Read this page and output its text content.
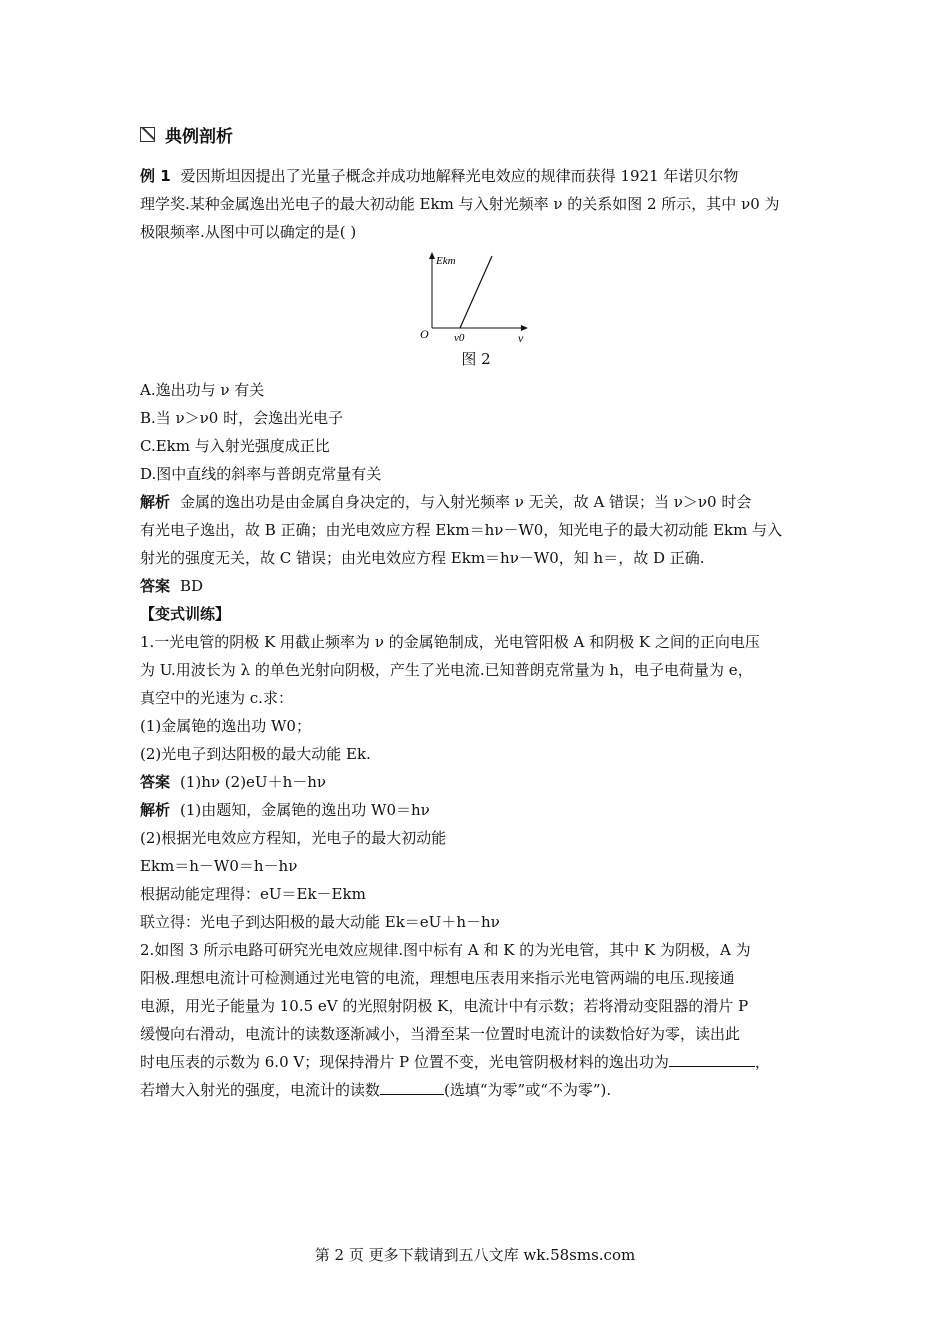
典例剖析

例 1 爱因斯坦因提出了光量子概念并成功地解释光电效应的规律而获得 1921 年诺贝尔物

理学奖.某种金属逸出光电子的最大初动能 Ekm 与入射光频率 ν 的关系如图 2 所示，其中 ν0 为

极限频率.从图中可以确定的是( )

Ekm
O ν0	ν
图 2

A.逸出功与 ν 有关

B.当 ν＞ν0 时，会逸出光电子

C.Ekm 与入射光强度成正比

D.图中直线的斜率与普朗克常量有关

解析 金属的逸出功是由金属自身决定的，与入射光频率 ν 无关，故 A 错误；当 ν＞ν0 时会

有光电子逸出，故 B 正确；由光电效应方程 Ekm＝hν－W0，知光电子的最大初动能 Ekm 与入

射光的强度无关，故 C 错误；由光电效应方程 Ekm＝hν－W0，知 h＝，故 D 正确.

答案 BD

【变式训练】

1.一光电管的阴极 K 用截止频率为 ν 的金属铯制成，光电管阳极 A 和阴极 K 之间的正向电压

为 U.用波长为 λ 的单色光射向阴极，产生了光电流.已知普朗克常量为 h，电子电荷量为 e，

真空中的光速为 c.求：

(1)金属铯的逸出功 W0；

(2)光电子到达阳极的最大动能 Ek.

答案 (1)hν (2)eU＋h－hν

解析 (1)由题知，金属铯的逸出功 W0＝hν

(2)根据光电效应方程知，光电子的最大初动能

Ekm＝h－W0＝h－hν

根据动能定理得：eU＝Ek－Ekm

联立得：光电子到达阳极的最大动能 Ek＝eU＋h－hν

2.如图 3 所示电路可研究光电效应规律.图中标有 A 和 K 的为光电管，其中 K 为阴极，A 为

阳极.理想电流计可检测通过光电管的电流，理想电压表用来指示光电管两端的电压.现接通

电源，用光子能量为 10.5 eV 的光照射阴极 K，电流计中有示数；若将滑动变阻器的滑片 P

缓慢向右滑动，电流计的读数逐渐减小，当滑至某一位置时电流计的读数恰好为零，读出此

时电压表的示数为 6.0 V；现保持滑片 P 位置不变，光电管阴极材料的逸出功为	，

若增大入射光的强度，电流计的读数	(选填“为零”或“不为零”).

第 2 页 更多下载请到五八文库 wk.58sms.com
